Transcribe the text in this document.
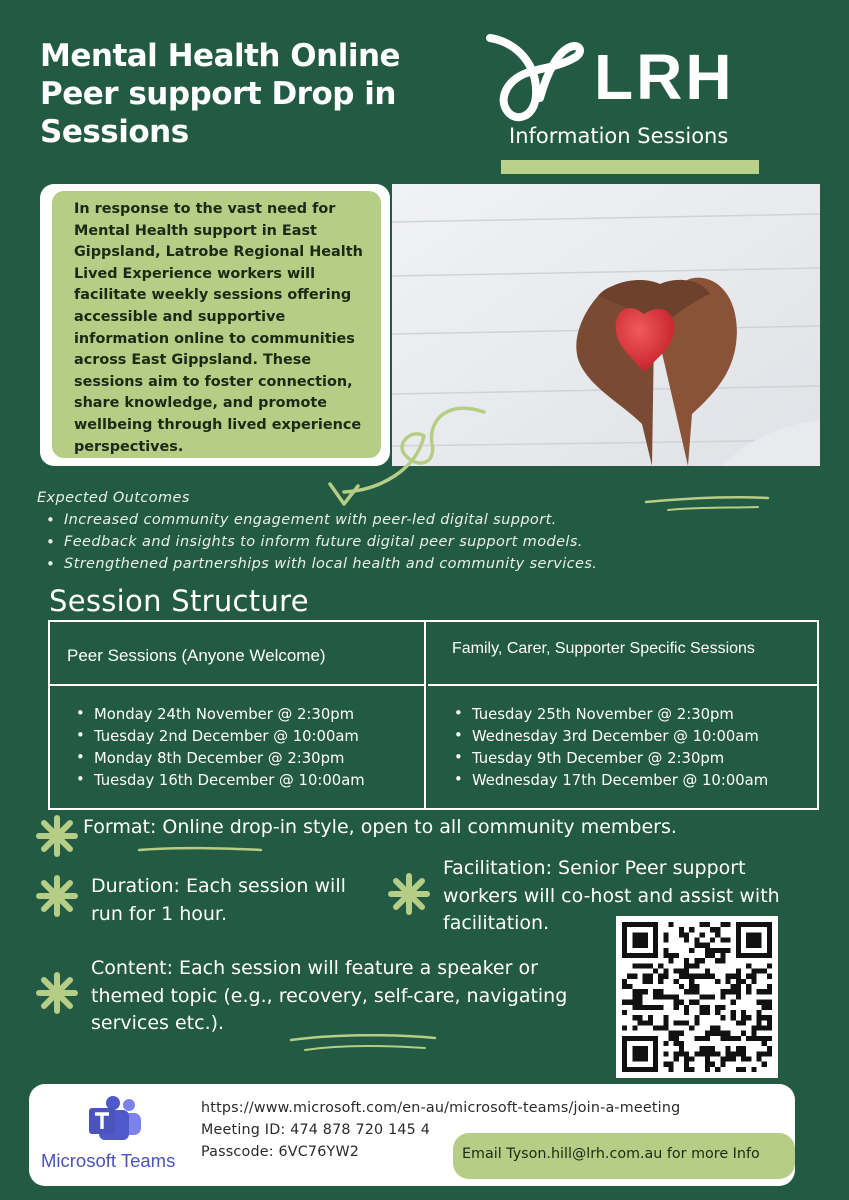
Mental Health Online Peer support Drop in Sessions
LRH
Information Sessions
In response to the vast need for Mental Health support in East Gippsland, Latrobe Regional Health Lived Experience workers will facilitate weekly sessions offering accessible and supportive information online to communities across East Gippsland. These sessions aim to foster connection, share knowledge, and promote wellbeing through lived experience perspectives.
Expected Outcomes
• Increased community engagement with peer-led digital support.
• Feedback and insights to inform future digital peer support models.
• Strengthened partnerships with local health and community services.
Session Structure
Peer Sessions (Anyone Welcome)
• Monday 24th November @ 2:30pm
• Tuesday 2nd December @ 10:00am
• Monday 8th December @ 2:30pm
• Tuesday 16th December @ 10:00am
Family, Carer, Supporter Specific Sessions
• Tuesday 25th November @ 2:30pm
• Wednesday 3rd December @ 10:00am
• Tuesday 9th December @ 2:30pm
• Wednesday 17th December @ 10:00am
Format: Online drop-in style, open to all community members.
Duration: Each session will run for 1 hour.
Facilitation: Senior Peer support workers will co-host and assist with facilitation.
Content: Each session will feature a speaker or themed topic (e.g., recovery, self-care, navigating services etc.).
Microsoft Teams
https://www.microsoft.com/en-au/microsoft-teams/join-a-meeting
Meeting ID: 474 878 720 145 4
Passcode: 6VC76YW2	Email Tyson.hill@lrh.com.au for more Info
